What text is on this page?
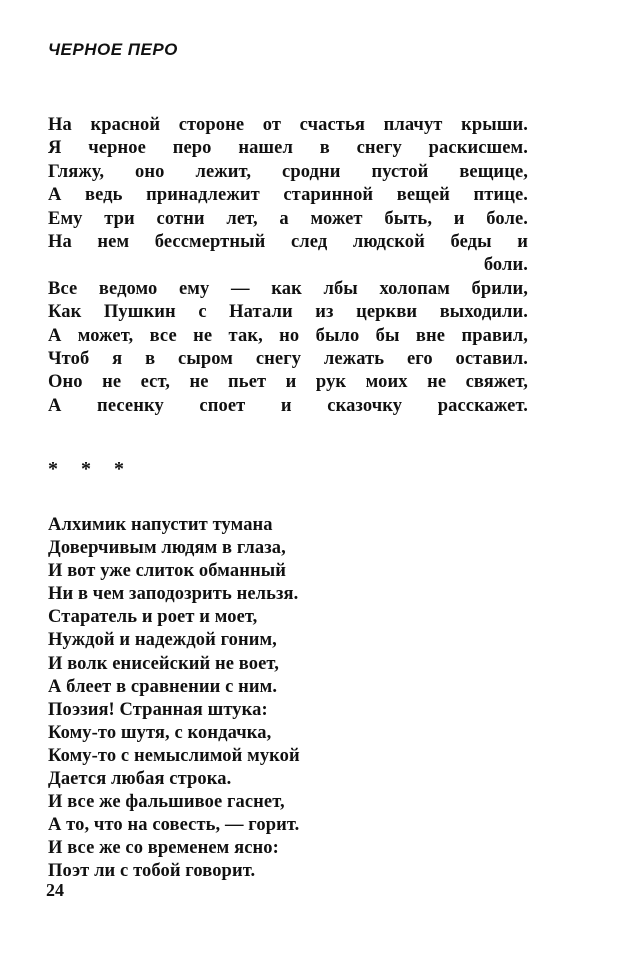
ЧЕРНОЕ ПЕРО
На красной стороне от счастья плачут крыши.
Я черное перо нашел в снегу раскисшем.
Гляжу, оно лежит, сродни пустой вещице,
А ведь принадлежит старинной вещей птице.
Ему три сотни лет, а может быть, и боле.
На нем бессмертный след людской беды и
боли.
Все ведомо ему — как лбы холопам брили,
Как Пушкин с Натали из церкви выходили.
А может, все не так, но было бы вне правил,
Чтоб я в сыром снегу лежать его оставил.
Оно не ест, не пьет и рук моих не свяжет,
А песенку споет и сказочку расскажет.
* * *
Алхимик напустит тумана
Доверчивым людям в глаза,
И вот уже слиток обманный
Ни в чем заподозрить нельзя.
Старатель и роет и моет,
Нуждой и надеждой гоним,
И волк енисейский не воет,
А блеет в сравнении с ним.
Поэзия! Странная штука:
Кому-то шутя, с кондачка,
Кому-то с немыслимой мукой
Дается любая строка.
И все же фальшивое гаснет,
А то, что на совесть, — горит.
И все же со временем ясно:
Поэт ли с тобой говорит.
24
